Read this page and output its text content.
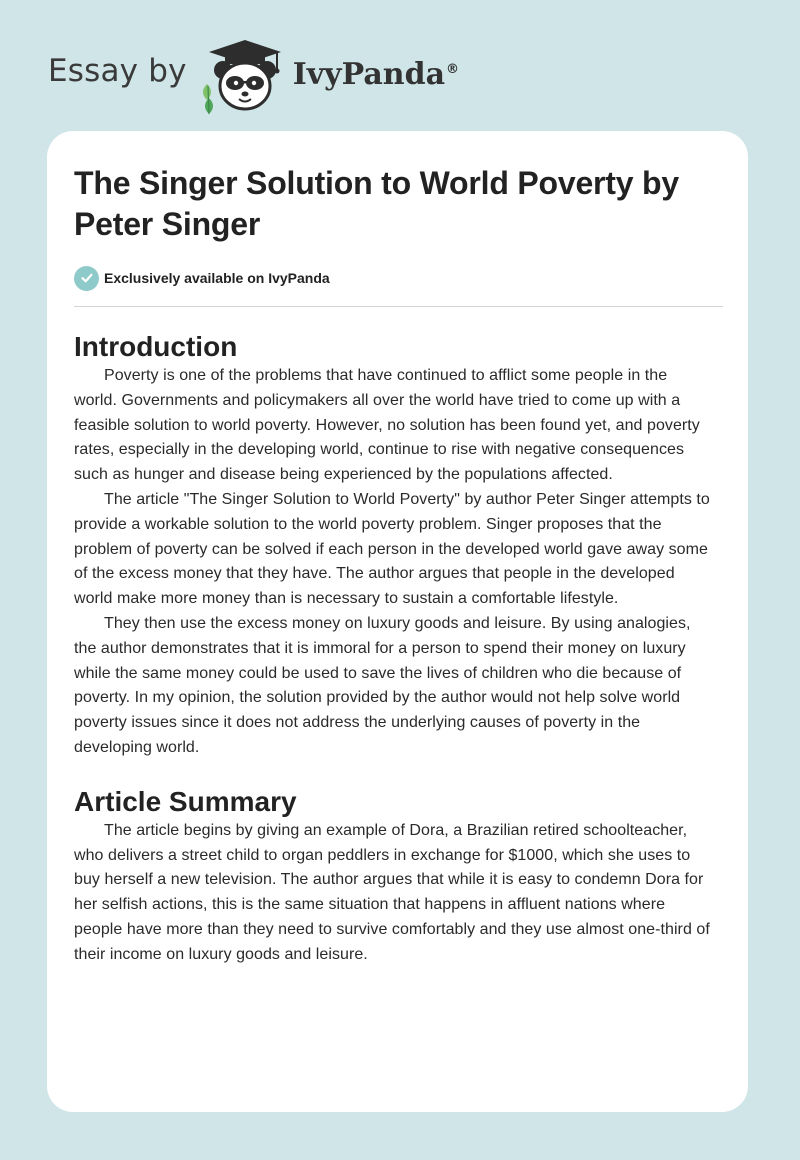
Essay by	IvyPanda®
The Singer Solution to World Poverty by Peter Singer
Exclusively available on IvyPanda
Introduction

Poverty is one of the problems that have continued to afflict some people in the world. Governments and policymakers all over the world have tried to come up with a feasible solution to world poverty. However, no solution has been found yet, and poverty rates, especially in the developing world, continue to rise with negative consequences such as hunger and disease being experienced by the populations affected.

The article "The Singer Solution to World Poverty" by author Peter Singer attempts to provide a workable solution to the world poverty problem. Singer proposes that the problem of poverty can be solved if each person in the developed world gave away some of the excess money that they have. The author argues that people in the developed world make more money than is necessary to sustain a comfortable lifestyle.

They then use the excess money on luxury goods and leisure. By using analogies, the author demonstrates that it is immoral for a person to spend their money on luxury while the same money could be used to save the lives of children who die because of poverty. In my opinion, the solution provided by the author would not help solve world poverty issues since it does not address the underlying causes of poverty in the developing world.

Article Summary

The article begins by giving an example of Dora, a Brazilian retired schoolteacher, who delivers a street child to organ peddlers in exchange for $1000, which she uses to buy herself a new television. The author argues that while it is easy to condemn Dora for her selfish actions, this is the same situation that happens in affluent nations where people have more than they need to survive comfortably and they use almost one-third of their income on luxury goods and leisure.
